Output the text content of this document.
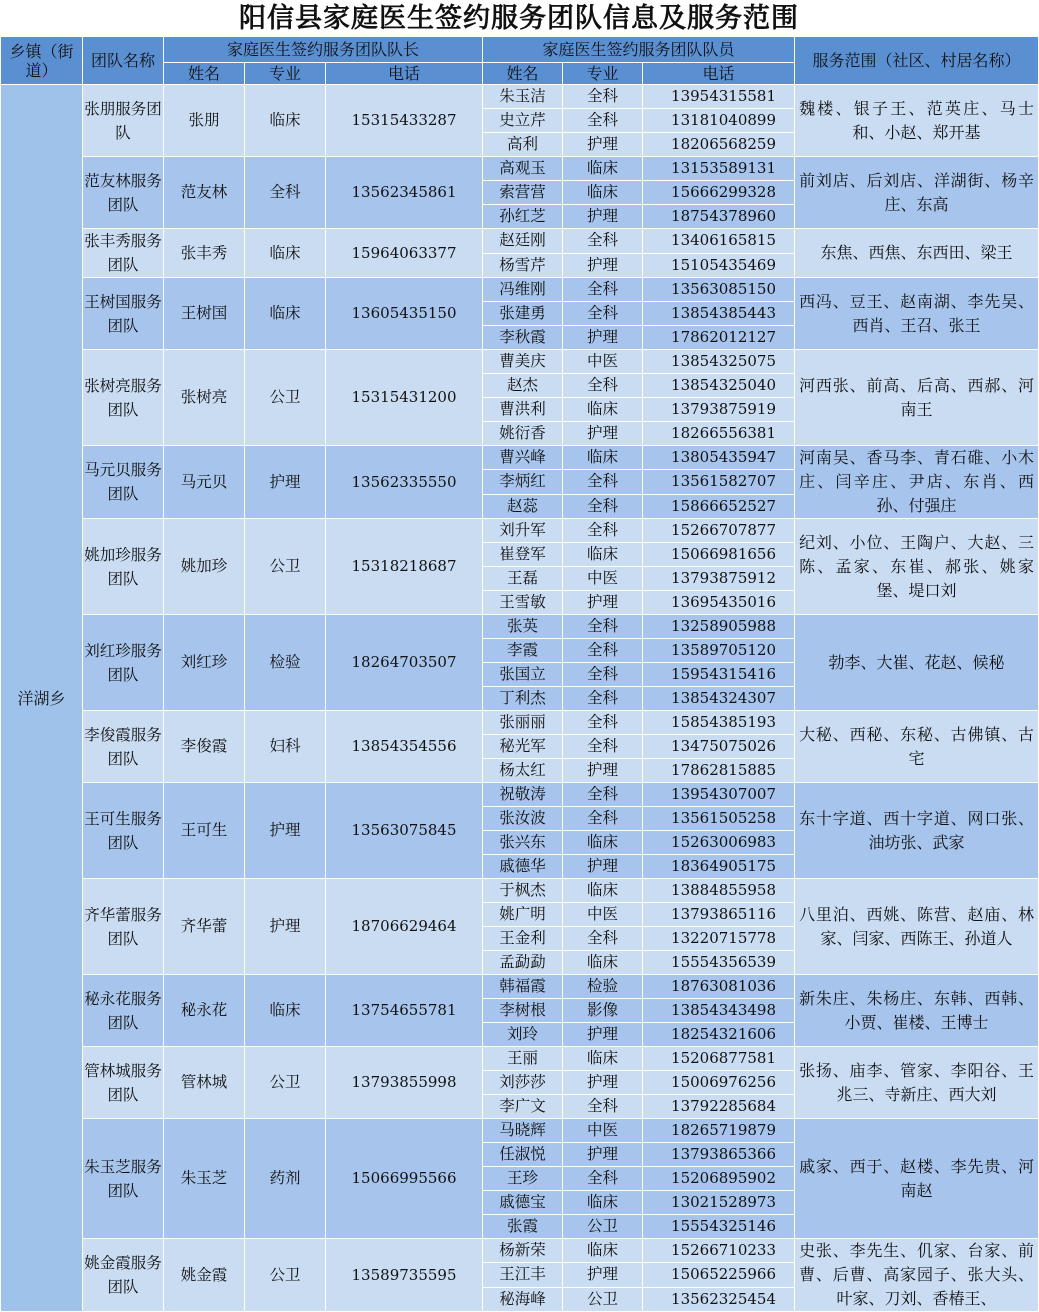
阳信县家庭医生签约服务团队信息及服务范围
乡镇（街道）	团队名称	家庭医生签约服务团队队长			家庭医生签约服务团队队员			服务范围（社区、村居名称）
		姓名	专业	电话	姓名	专业	电话	
洋湖乡	张朋服务团队	张朋	临床	15315433287	朱玉洁	全科	13954315581	魏楼、银子王、范英庄、马士和、小赵、郑开基
					史立芹	全科	13181040899	
					高利	护理	18206568259	
	范友林服务团队	范友林	全科	13562345861	高观玉	临床	13153589131	前刘店、后刘店、洋湖街、杨辛庄、东高
					索营营	临床	15666299328	
					孙红芝	护理	18754378960	
	张丰秀服务团队	张丰秀	临床	15964063377	赵廷刚	全科	13406165815	东焦、西焦、东西田、梁王
					杨雪芹	护理	15105435469	
	王树国服务团队	王树国	临床	13605435150	冯维刚	全科	13563085150	西冯、豆王、赵南湖、李先吴、西肖、王召、张王
					张建勇	全科	13854385443	
					李秋霞	护理	17862012127	
	张树亮服务团队	张树亮	公卫	15315431200	曹美庆	中医	13854325075	河西张、前高、后高、西郝、河南王
					赵杰	全科	13854325040	
					曹洪利	临床	13793875919	
					姚衍香	护理	18266556381	
	马元贝服务团队	马元贝	护理	13562335550	曹兴峰	临床	13805435947	河南吴、香马李、青石碓、小木庄、闫辛庄、尹店、东肖、西孙、付强庄
					李炳红	全科	13561582707	
					赵蕊	全科	15866652527	
	姚加珍服务团队	姚加珍	公卫	15318218687	刘升军	全科	15266707877	纪刘、小位、王陶户、大赵、三陈、孟家、东崔、郝张、姚家堡、堤口刘
					崔登军	临床	15066981656	
					王磊	中医	13793875912	
					王雪敏	护理	13695435016	
	刘红珍服务团队	刘红珍	检验	18264703507	张英	全科	13258905988	勃李、大崔、花赵、候秘
					李霞	全科	13589705120	
					张国立	全科	15954315416	
					丁利杰	全科	13854324307	
	李俊霞服务团队	李俊霞	妇科	13854354556	张丽丽	全科	15854385193	大秘、西秘、东秘、古佛镇、古宅
					秘光军	全科	13475075026	
					杨太红	护理	17862815885	
	王可生服务团队	王可生	护理	13563075845	祝敬涛	全科	13954307007	东十字道、西十字道、网口张、油坊张、武家
					张汝波	全科	13561505258	
					张兴东	临床	15263006983	
					戚德华	护理	18364905175	
	齐华蕾服务团队	齐华蕾	护理	18706629464	于枫杰	临床	13884855958	八里泊、西姚、陈营、赵庙、林家、闫家、西陈王、孙道人
					姚广明	中医	13793865116	
					王金利	全科	13220715778	
					孟勐勐	临床	15554356539	
	秘永花服务团队	秘永花	临床	13754655781	韩福霞	检验	18763081036	新朱庄、朱杨庄、东韩、西韩、小贾、崔楼、王博士
					李树根	影像	13854343498	
					刘玲	护理	18254321606	
	管林城服务团队	管林城	公卫	13793855998	王丽	临床	15206877581	张扬、庙李、管家、李阳谷、王兆三、寺新庄、西大刘
					刘莎莎	护理	15006976256	
					李广文	全科	13792285684	
	朱玉芝服务团队	朱玉芝	药剂	15066995566	马晓辉	中医	18265719879	戚家、西于、赵楼、李先贵、河南赵
					任淑悦	护理	13793865366	
					王珍	全科	15206895902	
					戚德宝	临床	13021528973	
					张霞	公卫	15554325146	
	姚金霞服务团队	姚金霞	公卫	13589735595	杨新荣	临床	15266710233	史张、李先生、仉家、台家、前曹、后曹、高家园子、张大头、叶家、刀刘、香椿王、
					王江丰	护理	15065225966	
					秘海峰	公卫	13562325454	
